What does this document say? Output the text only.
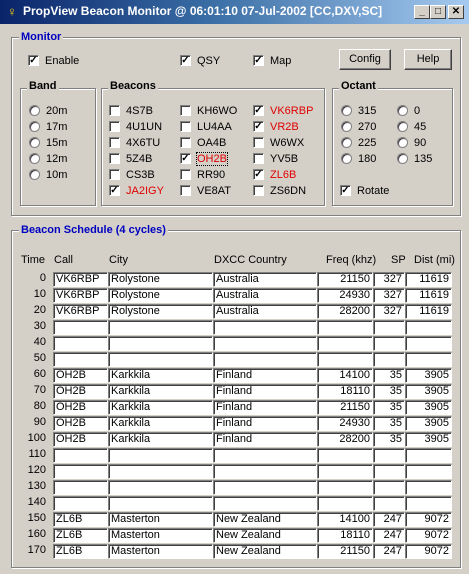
♀ PropView Beacon Monitor @ 06:01:10 07-Jul-2002 [CC,DXV,SC]	_	□	✕
Monitor
✓ Enable	✓ QSY	✓ Map	Config	Help
Band
20m
17m
15m
12m
10m
Beacons
4S7B
4U1UN
4X6TU
5Z4B
CS3B
✓ JA2IGY
KH6WO
LU4AA
OA4B
✓ OH2B
RR90
VE8AT
✓ VK6RBP
✓ VR2B
W6WX
YV5B
✓ ZL6B
ZS6DN
Octant
315
270
225
180
0
45
90
135
✓ Rotate
Beacon Schedule (4 cycles)
Time Call	City	DXCC Country	Freq (khz) SP Dist (mi)
0 VK6RBP	Rolystone	Australia	21150	327	11619
10 VK6RBP	Rolystone	Australia	24930	327	11619
20 VK6RBP	Rolystone	Australia	28200	327	11619
30
40
50
60 OH2B	Karkkila	Finland	14100	35	3905
70 OH2B	Karkkila	Finland	18110	35	3905
80 OH2B	Karkkila	Finland	21150	35	3905
90 OH2B	Karkkila	Finland	24930	35	3905
100 OH2B	Karkkila	Finland	28200	35	3905
110
120
130
140
150 ZL6B	Masterton	New Zealand	14100	247	9072
160 ZL6B	Masterton	New Zealand	18110	247	9072
170 ZL6B	Masterton	New Zealand	21150	247	9072
